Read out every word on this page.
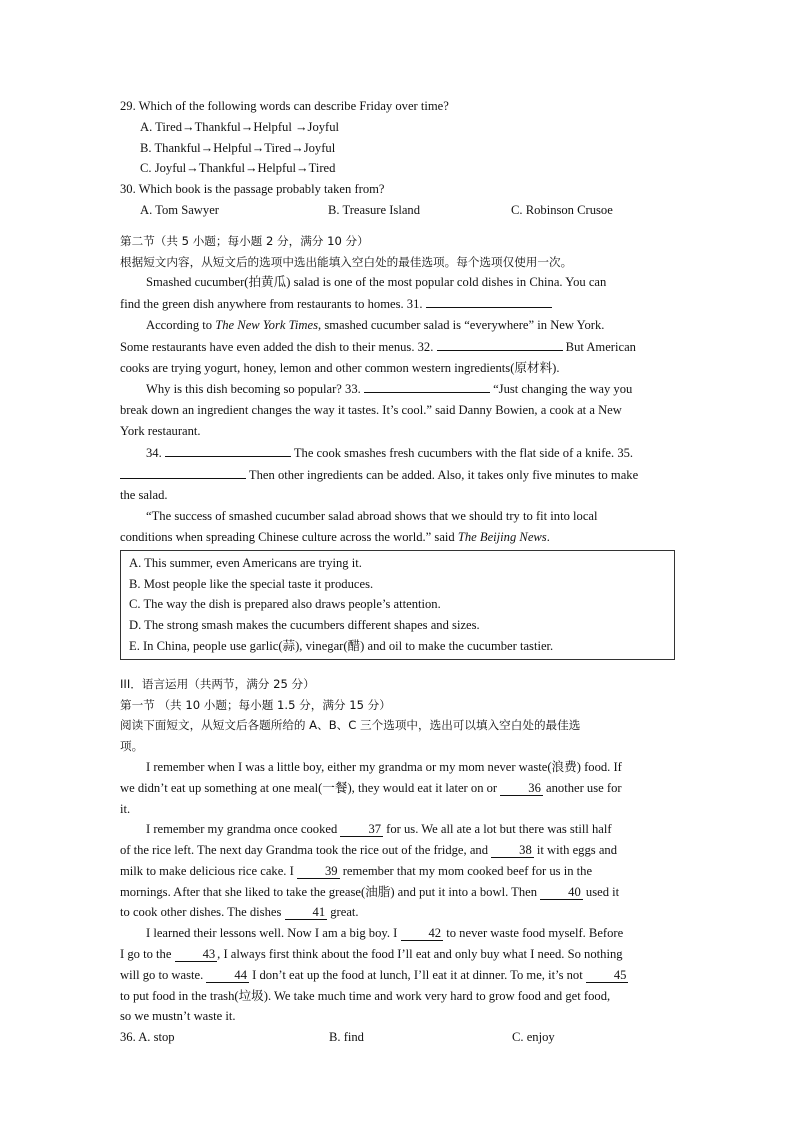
29. Which of the following words can describe Friday over time?
A. Tired→Thankful→Helpful →Joyful
B. Thankful→Helpful→Tired→Joyful
C. Joyful→Thankful→Helpful→Tired
30. Which book is the passage probably taken from?
A. Tom Sawyer	B. Treasure Island	C. Robinson Crusoe
第二节（共 5 小题；每小题 2 分，满分 10 分）
根据短文内容，从短文后的选项中选出能填入空白处的最佳选项。每个选项仅使用一次。
Smashed cucumber(拍黄瓜) salad is one of the most popular cold dishes in China. You can
find the green dish anywhere from restaurants to homes. 31.
According to The New York Times, smashed cucumber salad is “everywhere” in New York.
Some restaurants have even added the dish to their menus. 32.	But American
cooks are trying yogurt, honey, lemon and other common western ingredients(原材料).
Why is this dish becoming so popular? 33.	“Just changing the way you
break down an ingredient changes the way it tastes. It’s cool.” said Danny Bowien, a cook at a New
York restaurant.
34.	The cook smashes fresh cucumbers with the flat side of a knife. 35.
Then other ingredients can be added. Also, it takes only five minutes to make
the salad.
“The success of smashed cucumber salad abroad shows that we should try to fit into local
conditions when spreading Chinese culture across the world.” said The Beijing News.
A. This summer, even Americans are trying it.
B. Most people like the special taste it produces.
C. The way the dish is prepared also draws people’s attention.
D. The strong smash makes the cucumbers different shapes and sizes.
E. In China, people use garlic(蒜), vinegar(醋) and oil to make the cucumber tastier.
III．语言运用（共两节，满分 25 分）
第一节 （共 10 小题；每小题 1.5 分，满分 15 分）
阅读下面短文，从短文后各题所给的 A、B、C 三个选项中，选出可以填入空白处的最佳选
项。
I remember when I was a little boy, either my grandma or my mom never waste(浪费) food. If
we didn’t eat up something at one meal(一餐), they would eat it later on or 36 another use for
it.
I remember my grandma once cooked 37 for us. We all ate a lot but there was still half
of the rice left. The next day Grandma took the rice out of the fridge, and 38 it with eggs and
milk to make delicious rice cake. I 39 remember that my mom cooked beef for us in the
mornings. After that she liked to take the grease(油脂) and put it into a bowl. Then 40 used it
to cook other dishes. The dishes 41 great.
I learned their lessons well. Now I am a big boy. I 42 to never waste food myself. Before
I go to the 43 , I always first think about the food I’ll eat and only buy what I need. So nothing
will go to waste. 44 I don’t eat up the food at lunch, I’ll eat it at dinner. To me, it’s not 45
to put food in the trash(垃圾). We take much time and work very hard to grow food and get food,
so we mustn’t waste it.
36. A. stop	B. find	C. enjoy
